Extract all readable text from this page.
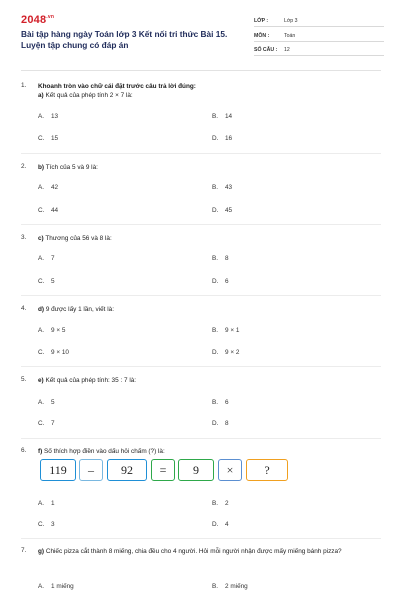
$2048^{.vn}$
Bài tập hàng ngày Toán lớp 3 Kết nối tri thức Bài 15. Luyện tập chung có đáp án
LỚP :	Lớp 3
MÔN :	Toán
SỐ CÂU : 12
1. Khoanh tròn vào chữ cái đặt trước câu trả lời đúng:
a) Kết quả của phép tính 2 × 7 là:
A. 13	B. 14
C. 15	D. 16
2. b) Tích của 5 và 9 là:
A. 42	B. 43
C. 44	D. 45
3. c) Thương của 56 và 8 là:
A. 7	B. 8
C. 5	D. 6
4. d) 9 được lấy 1 lần, viết là:
A. 9 × 5	B. 9 × 1
C. 9 × 10	D. 9 × 2
5. e) Kết quả của phép tính: 35 : 7 là:
A. 5	B. 6
C. 7	D. 8
6. f) Số thích hợp điền vào dấu hỏi chấm (?) là:
119	–	92	=	9	×	?
A. 1	B. 2
C. 3	D. 4
7. g) Chiếc pizza cắt thành 8 miếng, chia đều cho 4 người. Hỏi mỗi người nhận được mấy miếng bánh pizza?
A. 1 miếng	B. 2 miếng
